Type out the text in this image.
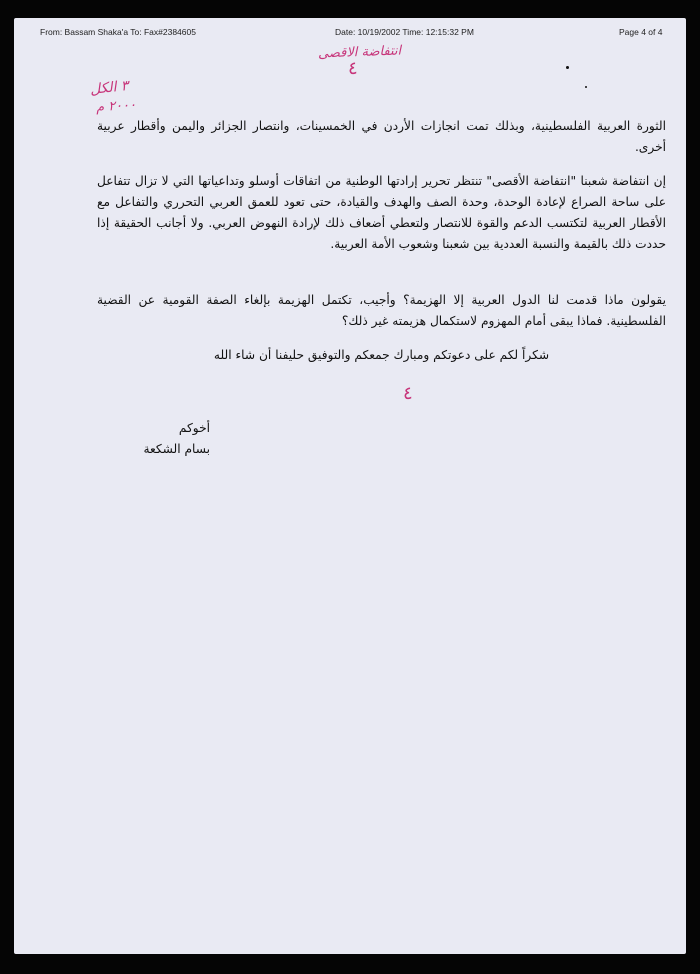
From: Bassam Shaka'a To: Fax#2384605	Date: 10/19/2002 Time: 12:15:32 PM	Page 4 of 4
انتفاضة الاقصى
٤
٣ الكل
٢٠٠٠ م
الثورة العربية الفلسطينية، وبذلك تمت انجازات الأردن في الخمسينات، وانتصار الجزائر واليمن وأقطار عربية أخرى.
إن انتفاضة شعبنا "انتفاضة الأقصى" تنتظر تحرير إرادتها الوطنية من اتفاقات أوسلو وتداعياتها التي لا تزال تتفاعل على ساحة الصراع لإعادة الوحدة، وحدة الصف والهدف والقيادة، حتى تعود للعمق العربي التحرري والتفاعل مع الأقطار العربية لتكتسب الدعم والقوة للانتصار ولتعطي أضعاف ذلك لإرادة النهوض العربي. ولا أجانب الحقيقة إذا حددت ذلك بالقيمة والنسبة العددية بين شعبنا وشعوب الأمة العربية.
يقولون ماذا قدمت لنا الدول العربية إلا الهزيمة؟ وأجيب، تكتمل الهزيمة بإلغاء الصفة القومية عن القضية الفلسطينية. فماذا يبقى أمام المهزوم لاستكمال هزيمته غير ذلك؟
شكراً لكم على دعوتكم ومبارك جمعكم والتوفيق حليفنا أن شاء الله
٤
أخوكم
بسام الشكعة
